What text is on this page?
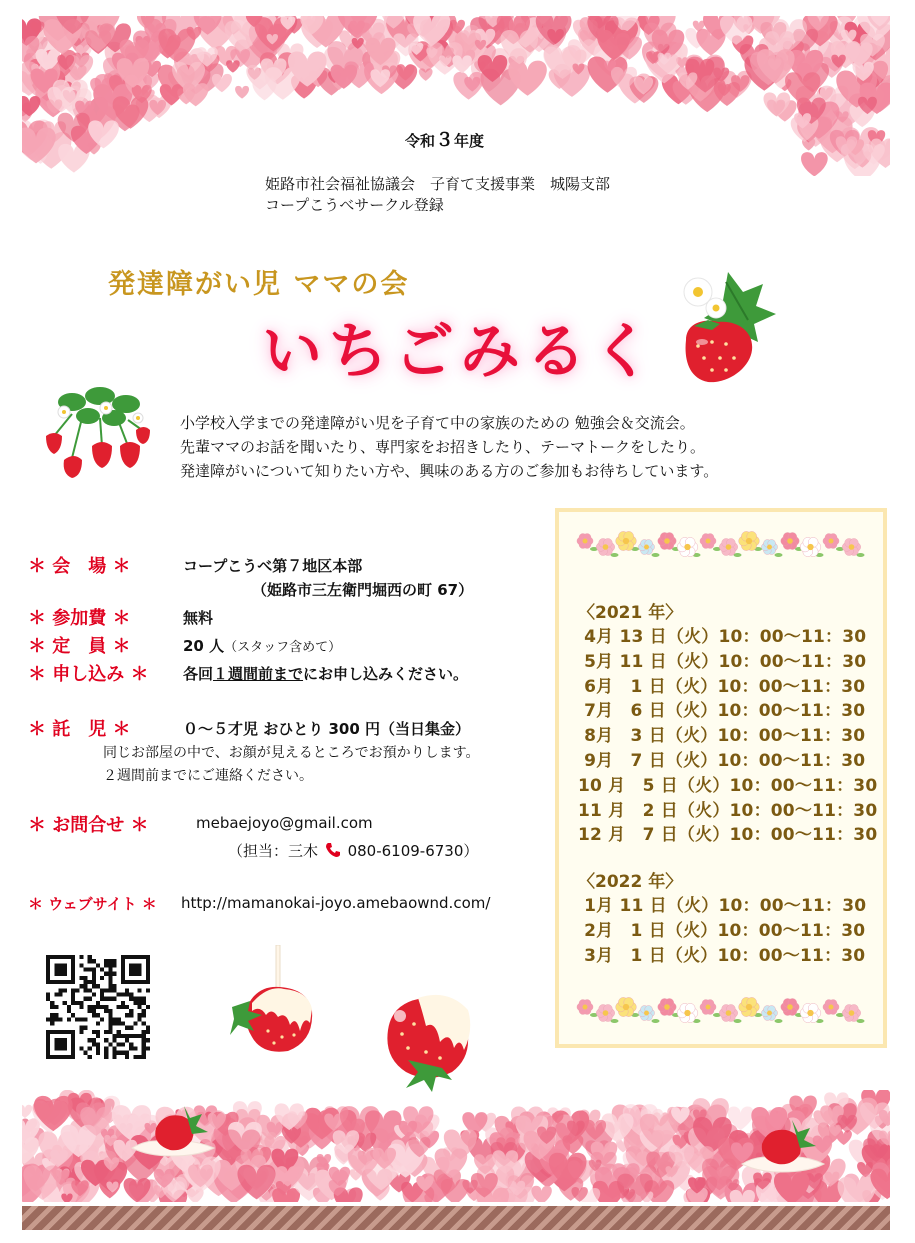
令和３年度
姫路市社会福祉協議会　子育て支援事業　城陽支部
コープこうべサークル登録
発達障がい児 ママの会
いちごみるく
小学校入学までの発達障がい児を子育て中の家族のための 勉強会＆交流会。
先輩ママのお話を聞いたり、専門家をお招きしたり、テーマトークをしたり。
発達障がいについて知りたい方や、興味のある方のご参加もお待ちしています。
＊ 会　場 ＊	コープこうべ第７地区本部
（姫路市三左衛門堀西の町 67）
＊ 参加費 ＊	無料
＊ 定　員 ＊	20 人（スタッフ含めて）
＊ 申し込み ＊ 各回１週間前までにお申し込みください。
＊ 託　児 ＊	０～５才児 おひとり 300 円（当日集金）
同じお部屋の中で、お顔が見えるところでお預かりします。
２週間前までにご連絡ください。
＊ お問合せ ＊	mebaejoyo@gmail.com
（担当：三木 080-6109-6730）
＊ ウェブサイト ＊ http://mamanokai-joyo.amebaownd.com/
〈2021 年〉
4月 13 日（火）10：00～11：30
5月 11 日（火）10：00～11：30
6月　1 日（火）10：00～11：30
7月　6 日（火）10：00～11：30
8月　3 日（火）10：00～11：30
9月　7 日（火）10：00～11：30
10 月　5 日（火）10：00～11：30
11 月　2 日（火）10：00～11：30
12 月　7 日（火）10：00～11：30
〈2022 年〉
1月 11 日（火）10：00～11：30
2月　1 日（火）10：00～11：30
3月　1 日（火）10：00～11：30
